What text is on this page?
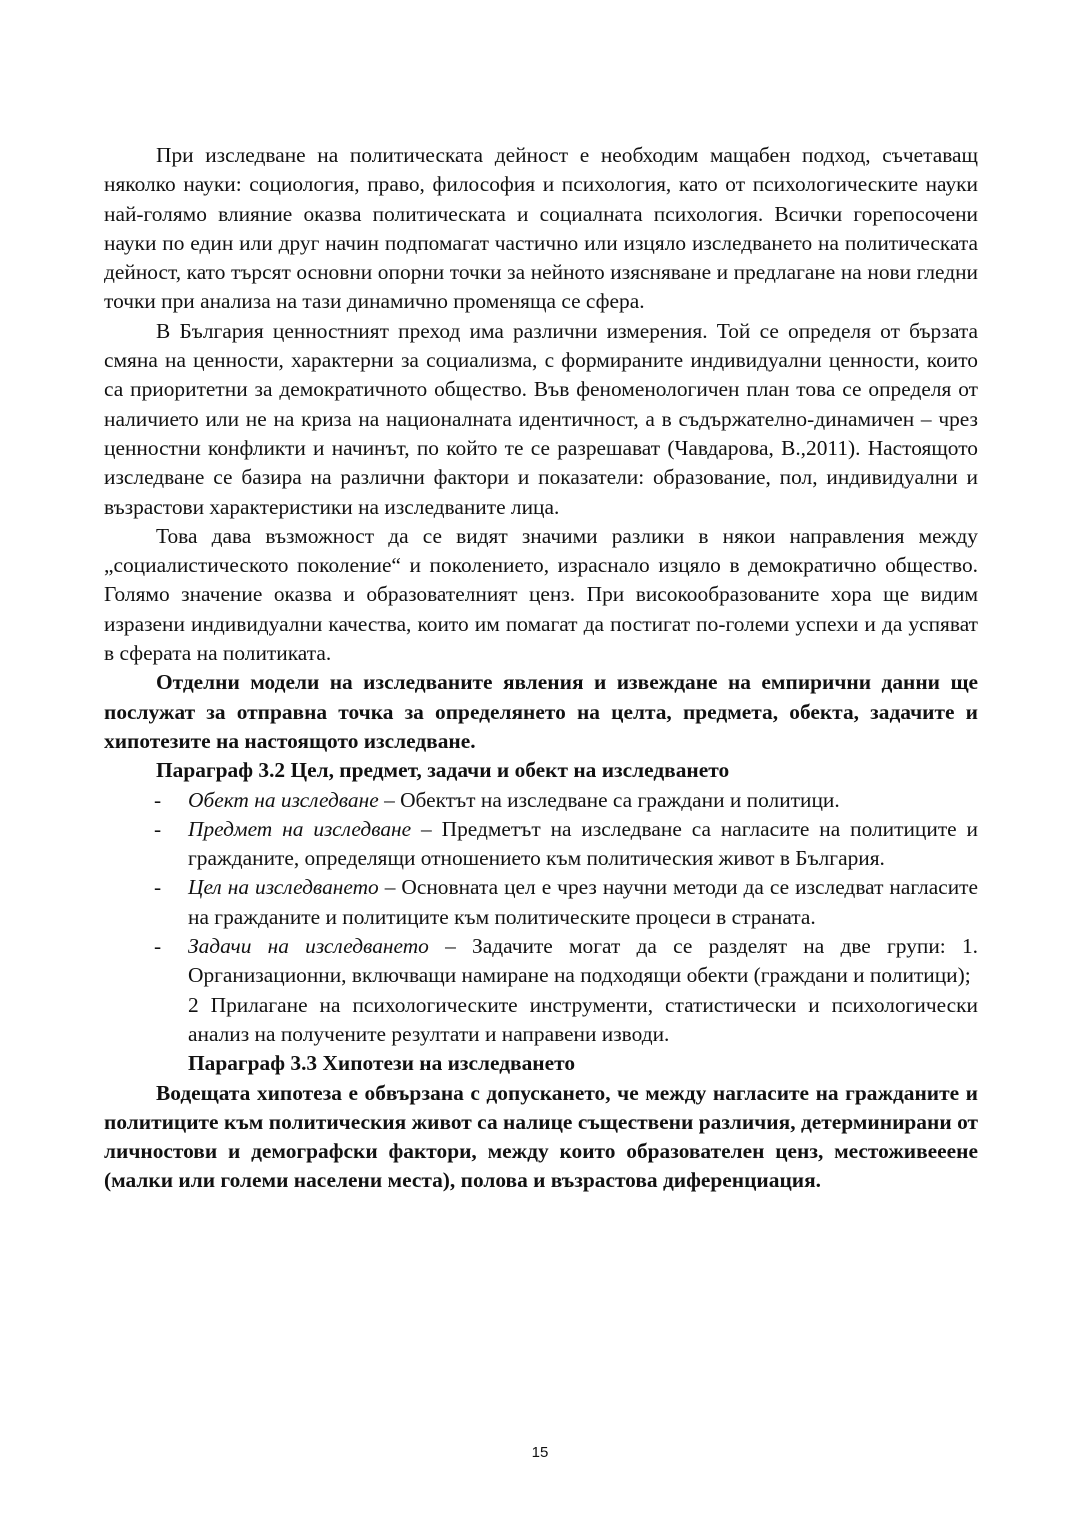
При изследване на политическата дейност е необходим мащабен подход, съчетаващ няколко науки: социология, право, философия и психология, като от психологическите науки най-голямо влияние оказва политическата и социалната психология. Всички горепосочени науки по един или друг начин подпомагат частично или изцяло изследването на политическата дейност, като търсят основни опорни точки за нейното изясняване и предлагане на нови гледни точки при анализа на тази динамично променяща се сфера.

В България ценностният преход има различни измерения. Той се определя от бързата смяна на ценности, характерни за социализма, с формираните индивидуални ценности, които са приоритетни за демократичното общество. Във феноменологичен план това се определя от наличието или не на криза на националната идентичност, а в съдържателно-динамичен – чрез ценностни конфликти и начинът, по който те се разрешават (Чавдарова, В.,2011). Настоящото изследване се базира на различни фактори и показатели: образование, пол, индивидуални и възрастови характеристики на изследваните лица.

Това дава възможност да се видят значими разлики в някои направления между „социалистическото поколение“ и поколението, израснало изцяло в демократично общество. Голямо значение оказва и образователният ценз. При високообразованите хора ще видим изразени индивидуални качества, които им помагат да постигат по-големи успехи и да успяват в сферата на политиката.

Отделни модели на изследваните явления и извеждане на емпирични данни ще послужат за отправна точка за определянето на целта, предмета, обекта, задачите и хипотезите на настоящото изследване.

Параграф 3.2 Цел, предмет, задачи и обект на изследването

- Обект на изследване – Обектът на изследване са граждани и политици.
- Предмет на изследване – Предметът на изследване са нагласите на политиците и гражданите, определящи отношението към политическия живот в България.
- Цел на изследването – Основната цел е чрез научни методи да се изследват нагласите на гражданите и политиците към политическите процеси в страната.
- Задачи на изследването – Задачите могат да се разделят на две групи: 1. Организационни, включващи намиране на подходящи обекти (граждани и политици);

2 Прилагане на психологическите инструменти, статистически и психологически анализ на получените резултати и направени изводи.

Параграф 3.3 Хипотези на изследването

Водещата хипотеза е обвързана с допускането, че между нагласите на гражданите и политиците към политическия живот са налице съществени различия, детерминирани от личностови и демографски фактори, между които образователен ценз, местоживееене (малки или големи населени места), полова и възрастова диференциация.

15
